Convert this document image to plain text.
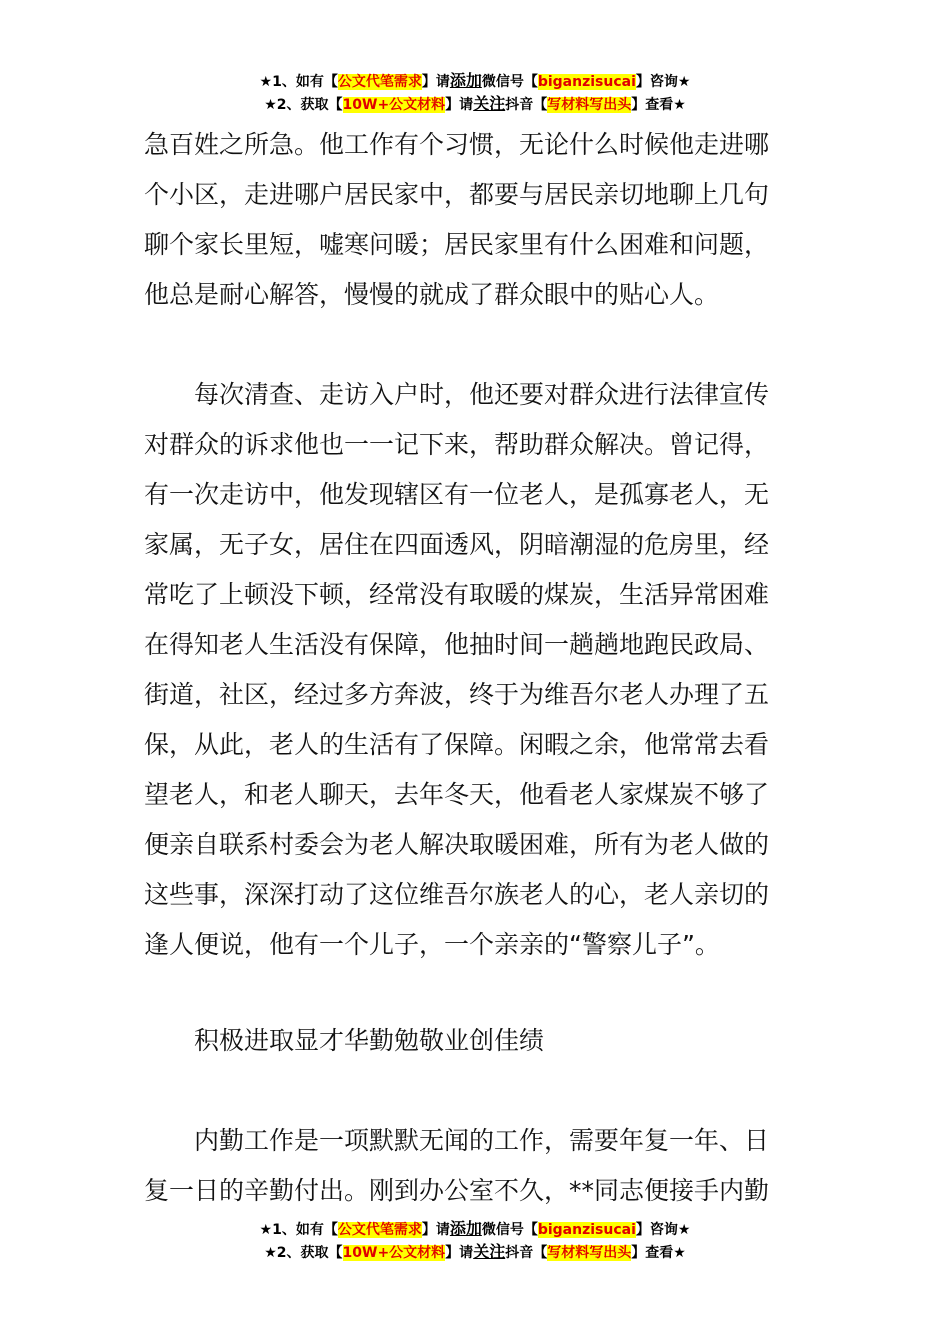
★1、如有【公文代笔需求】请添加微信号【biganzisucai】咨询★
★2、获取【10W+公文材料】请关注抖音【写材料写出头】查看★
急百姓之所急。他工作有个习惯，无论什么时候他走进哪
个小区，走进哪户居民家中，都要与居民亲切地聊上几句
聊个家长里短，嘘寒问暖；居民家里有什么困难和问题，
他总是耐心解答，慢慢的就成了群众眼中的贴心人。
每次清查、走访入户时，他还要对群众进行法律宣传
对群众的诉求他也一一记下来，帮助群众解决。曾记得，
有一次走访中，他发现辖区有一位老人，是孤寡老人，无
家属，无子女，居住在四面透风，阴暗潮湿的危房里，经
常吃了上顿没下顿，经常没有取暖的煤炭，生活异常困难
在得知老人生活没有保障，他抽时间一趟趟地跑民政局、
街道，社区，经过多方奔波，终于为维吾尔老人办理了五
保，从此，老人的生活有了保障。闲暇之余，他常常去看
望老人，和老人聊天，去年冬天，他看老人家煤炭不够了
便亲自联系村委会为老人解决取暖困难，所有为老人做的
这些事，深深打动了这位维吾尔族老人的心，老人亲切的
逢人便说，他有一个儿子，一个亲亲的“警察儿子”。
积极进取显才华勤勉敬业创佳绩
内勤工作是一项默默无闻的工作，需要年复一年、日
复一日的辛勤付出。刚到办公室不久，**同志便接手内勤
★1、如有【公文代笔需求】请添加微信号【biganzisucai】咨询★
★2、获取【10W+公文材料】请关注抖音【写材料写出头】查看★
